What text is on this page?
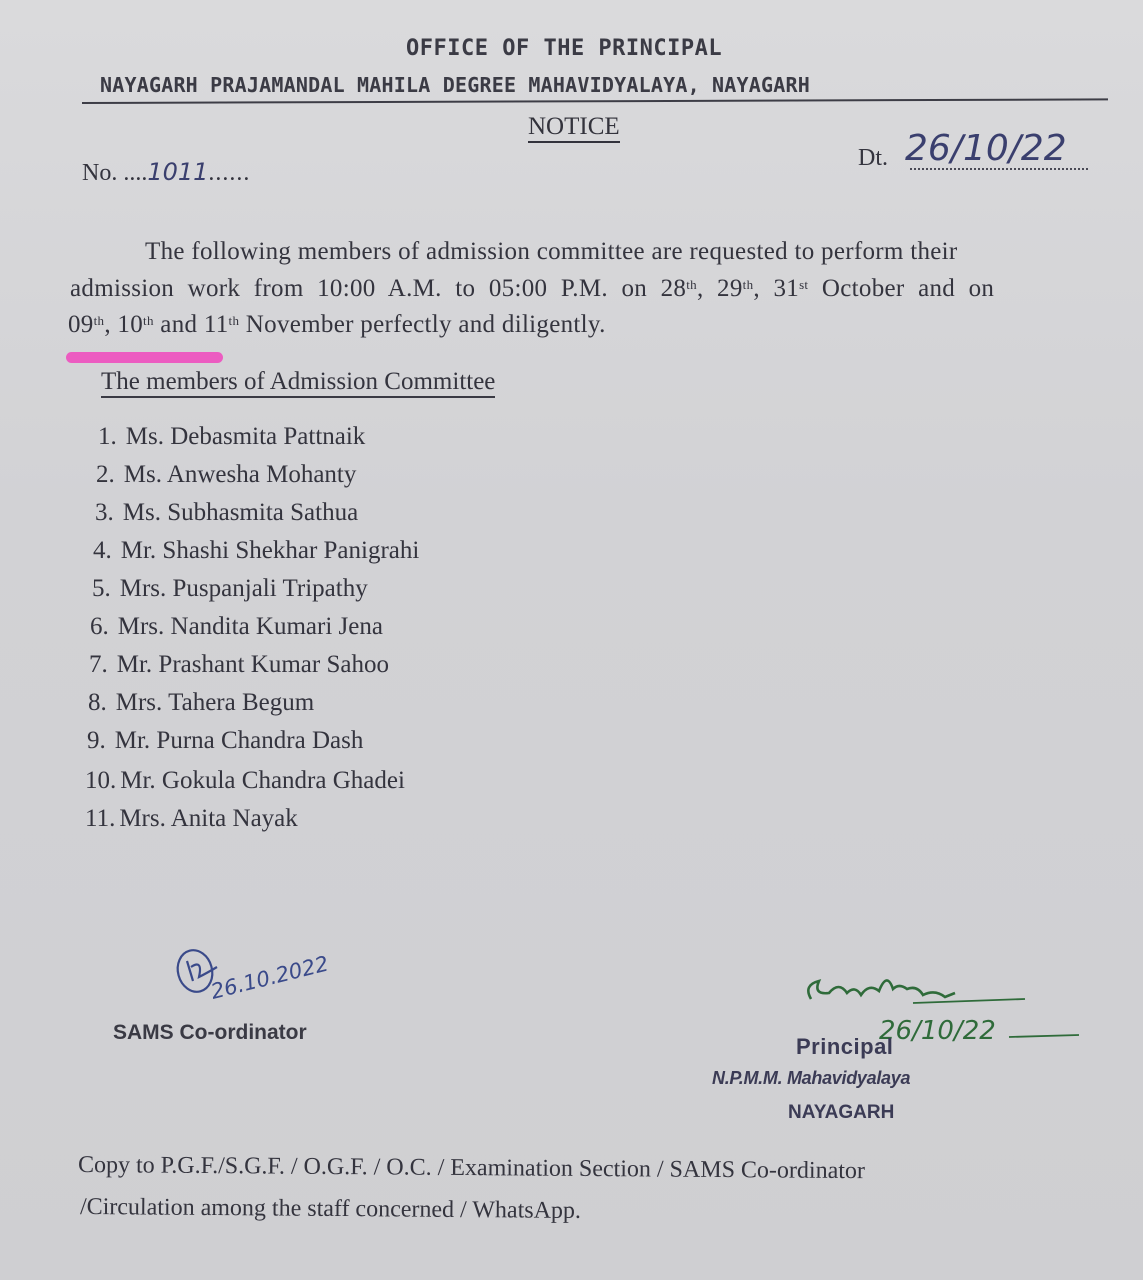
OFFICE OF THE PRINCIPAL
NAYAGARH PRAJAMANDAL MAHILA DEGREE MAHAVIDYALAYA, NAYAGARH
NOTICE
No. ....1011......
Dt. 26/10/22
The following members of admission committee are requested to perform their
admission work from 10:00 A.M. to 05:00 P.M. on 28th, 29th, 31st October and on
09th, 10th and 11th November perfectly and diligently.
The members of Admission Committee
1. Ms. Debasmita Pattnaik
2. Ms. Anwesha Mohanty
3. Ms. Subhasmita Sathua
4. Mr. Shashi Shekhar Panigrahi
5. Mrs. Puspanjali Tripathy
6. Mrs. Nandita Kumari Jena
7. Mr. Prashant Kumar Sahoo
8. Mrs. Tahera Begum
9. Mr. Purna Chandra Dash
10. Mr. Gokula Chandra Ghadei
11. Mrs. Anita Nayak
26.10.2022
SAMS Co-ordinator	26/10/22
Principal
N.P.M.M. Mahavidyalaya
NAYAGARH
Copy to P.G.F./S.G.F. / O.G.F. / O.C. / Examination Section / SAMS Co-ordinator
/Circulation among the staff concerned / WhatsApp.
